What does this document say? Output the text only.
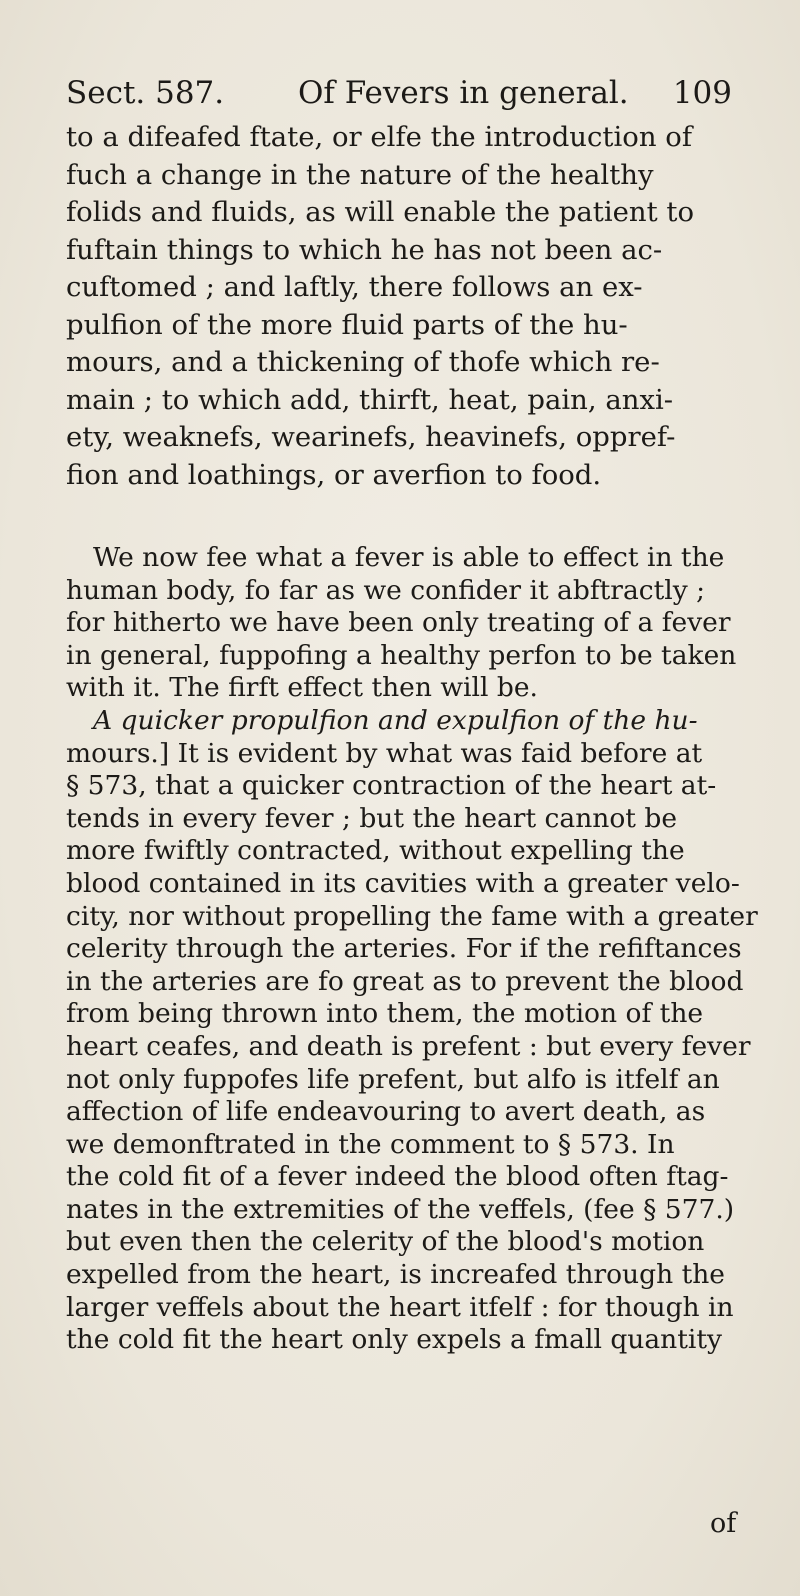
Sect. 587. Of Fevers in general. 109
to a difeafed ftate, or elfe the introduction of
fuch a change in the nature of the healthy
folids and fluids, as will enable the patient to
fuftain things to which he has not been ac-
cuftomed ; and laftly, there follows an ex-
pulfion of the more fluid parts of the hu-
mours, and a thickening of thofe which re-
main ; to which add, thirft, heat, pain, anxi-
ety, weaknefs, wearinefs, heavinefs, oppref-
fion and loathings, or averfion to food.
We now fee what a fever is able to effect in the
human body, fo far as we confider it abftractly ;
for hitherto we have been only treating of a fever
in general, fuppofing a healthy perfon to be taken
with it. The firft effect then will be.
A quicker propulfion and expulfion of the hu-
mours.] It is evident by what was faid before at
§ 573, that a quicker contraction of the heart at-
tends in every fever ; but the heart cannot be
more fwiftly contracted, without expelling the
blood contained in its cavities with a greater velo-
city, nor without propelling the fame with a greater
celerity through the arteries. For if the refiftances
in the arteries are fo great as to prevent the blood
from being thrown into them, the motion of the
heart ceafes, and death is prefent : but every fever
not only fuppofes life prefent, but alfo is itfelf an
affection of life endeavouring to avert death, as
we demonftrated in the comment to § 573. In
the cold fit of a fever indeed the blood often ftag-
nates in the extremities of the veffels, (fee § 577.)
but even then the celerity of the blood's motion
expelled from the heart, is increafed through the
larger veffels about the heart itfelf : for though in
the cold fit the heart only expels a fmall quantity
of
